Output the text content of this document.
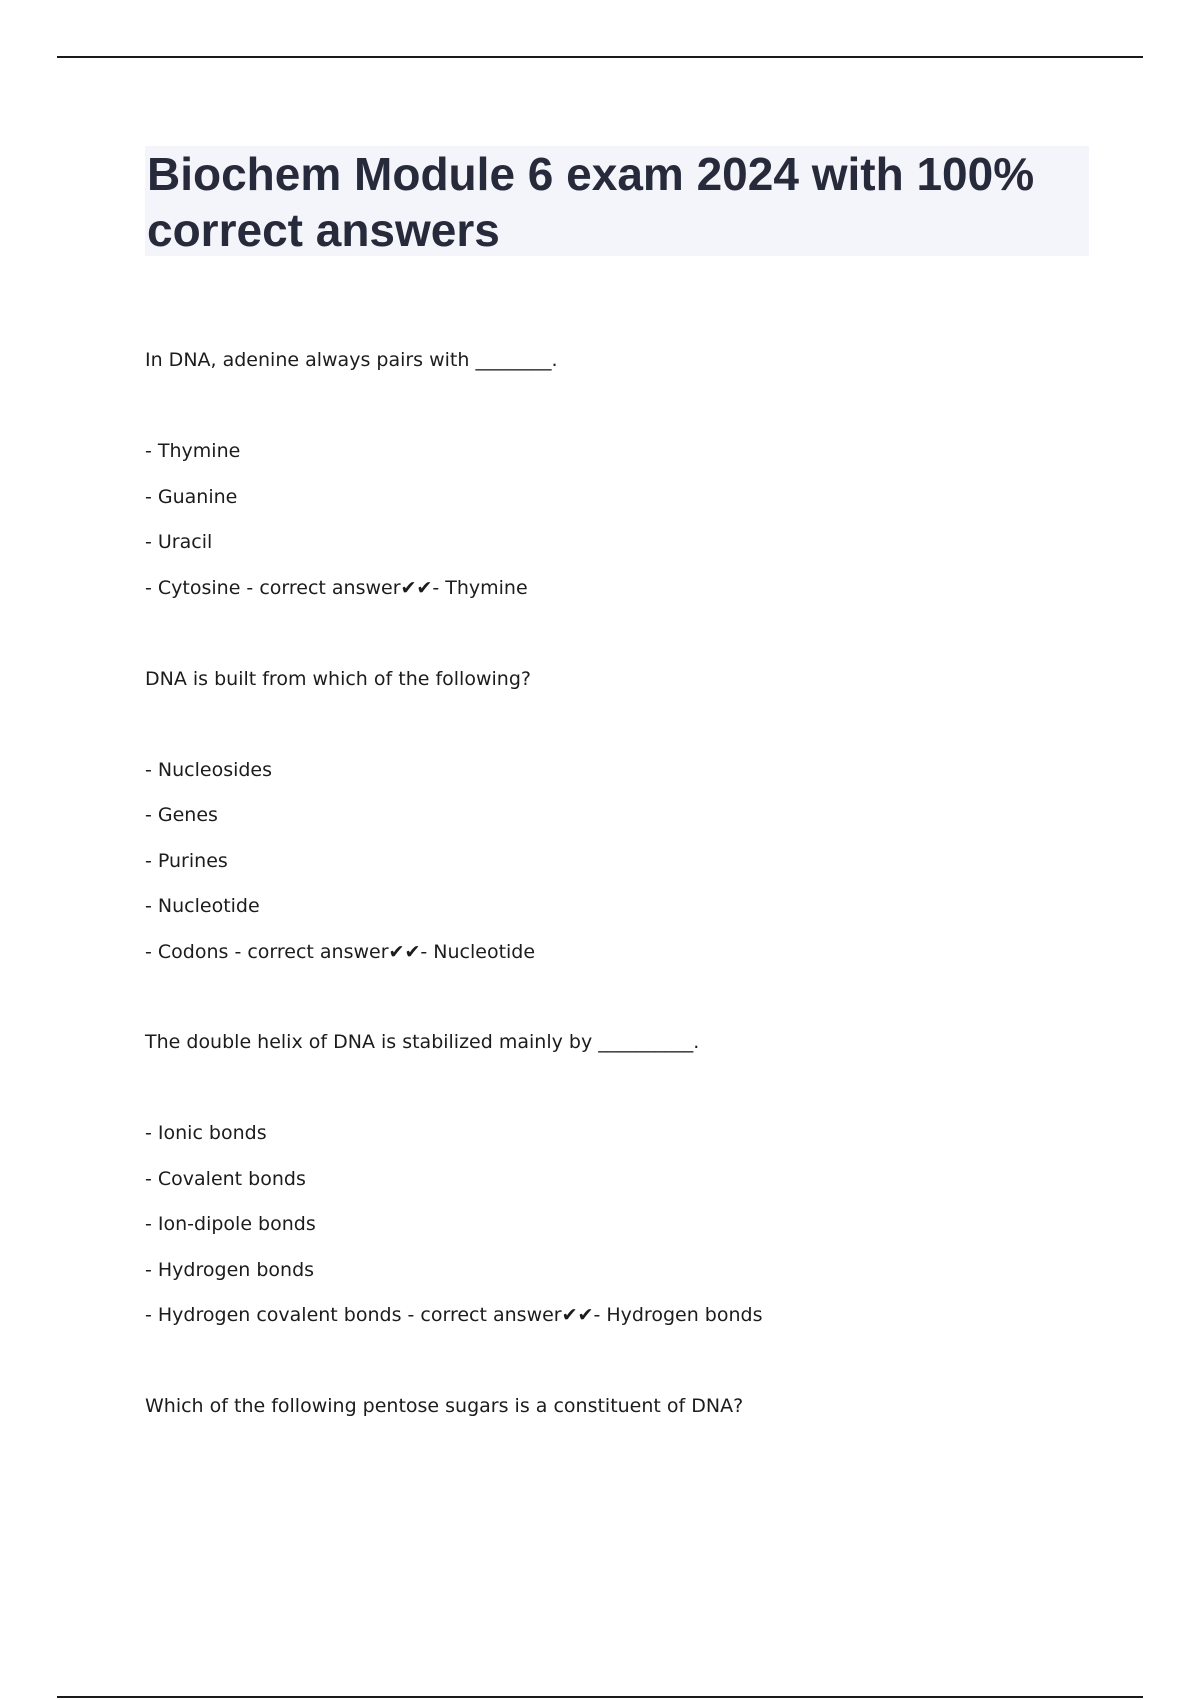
Biochem Module 6 exam 2024 with 100% correct answers
In DNA, adenine always pairs with ________.
- Thymine
- Guanine
- Uracil
- Cytosine - correct answer✔✔- Thymine
DNA is built from which of the following?
- Nucleosides
- Genes
- Purines
- Nucleotide
- Codons - correct answer✔✔- Nucleotide
The double helix of DNA is stabilized mainly by __________.
- Ionic bonds
- Covalent bonds
- Ion-dipole bonds
- Hydrogen bonds
- Hydrogen covalent bonds - correct answer✔✔- Hydrogen bonds
Which of the following pentose sugars is a constituent of DNA?
